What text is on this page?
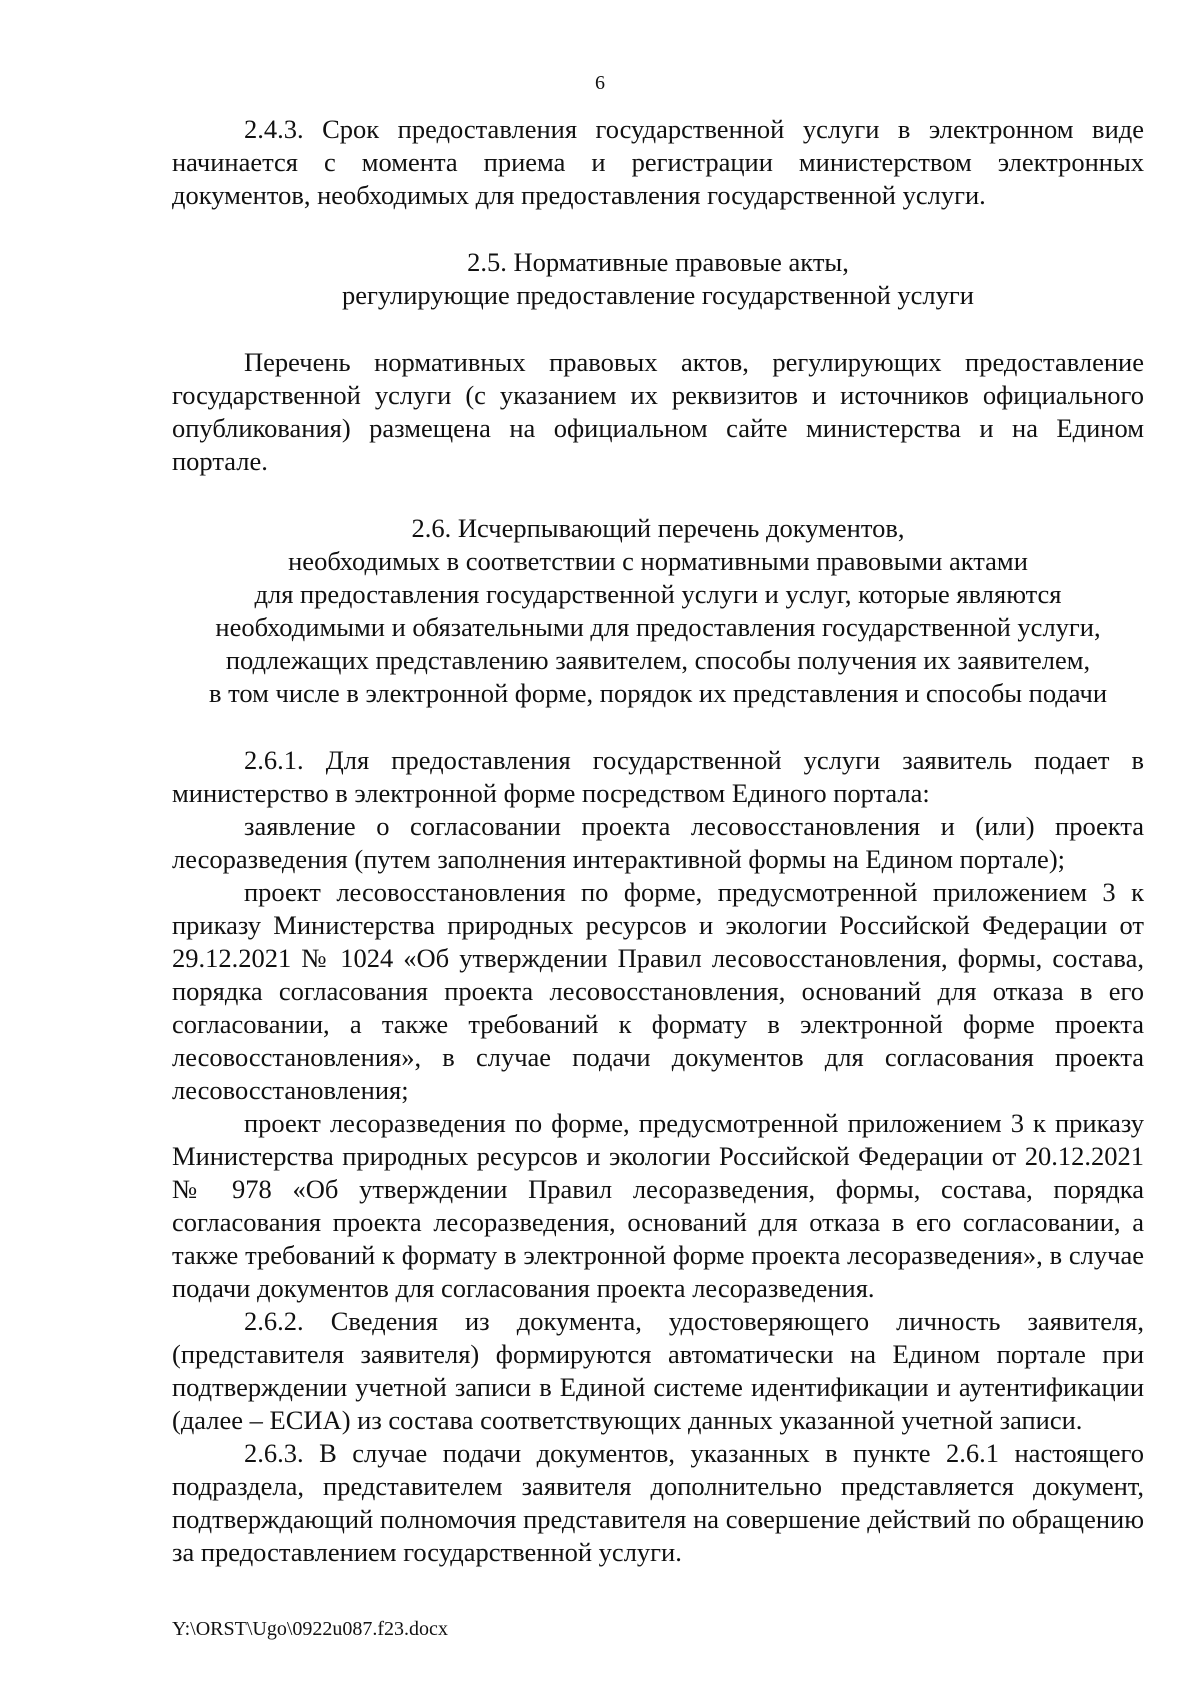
6

2.4.3. Срок предоставления государственной услуги в электронном виде начинается с момента приема и регистрации министерством электронных документов, необходимых для предоставления государственной услуги.

2.5. Нормативные правовые акты,

регулирующие предоставление государственной услуги

Перечень нормативных правовых актов, регулирующих предоставление государственной услуги (с указанием их реквизитов и источников официального опубликования) размещена на официальном сайте министерства и на Едином портале.

2.6. Исчерпывающий перечень документов,

необходимых в соответствии с нормативными правовыми актами

для предоставления государственной услуги и услуг, которые являются

необходимыми и обязательными для предоставления государственной услуги,

подлежащих представлению заявителем, способы получения их заявителем,

в том числе в электронной форме, порядок их представления и способы подачи

2.6.1. Для предоставления государственной услуги заявитель подает в министерство в электронной форме посредством Единого портала:

заявление о согласовании проекта лесовосстановления и (или) проекта лесоразведения (путем заполнения интерактивной формы на Едином портале);

проект лесовосстановления по форме, предусмотренной приложением 3 к приказу Министерства природных ресурсов и экологии Российской Федерации от 29.12.2021 № 1024 «Об утверждении Правил лесовосстановления, формы, состава, порядка согласования проекта лесовосстановления, оснований для отказа в его согласовании, а также требований к формату в электронной форме проекта лесовосстановления», в случае подачи документов для согласования проекта лесовосстановления;

проект лесоразведения по форме, предусмотренной приложением 3 к приказу Министерства природных ресурсов и экологии Российской Федерации от 20.12.2021 № 978 «Об утверждении Правил лесоразведения, формы, состава, порядка согласования проекта лесоразведения, оснований для отказа в его согласовании, а также требований к формату в электронной форме проекта лесоразведения», в случае подачи документов для согласования проекта лесоразведения.

2.6.2. Сведения из документа, удостоверяющего личность заявителя, (представителя заявителя) формируются автоматически на Едином портале при подтверждении учетной записи в Единой системе идентификации и аутентификации (далее – ЕСИА) из состава соответствующих данных указанной учетной записи.

2.6.3. В случае подачи документов, указанных в пункте 2.6.1 настоящего подраздела, представителем заявителя дополнительно представляется документ, подтверждающий полномочия представителя на совершение действий по обращению за предоставлением государственной услуги.

Y:\ORST\Ugo\0922u087.f23.docx
